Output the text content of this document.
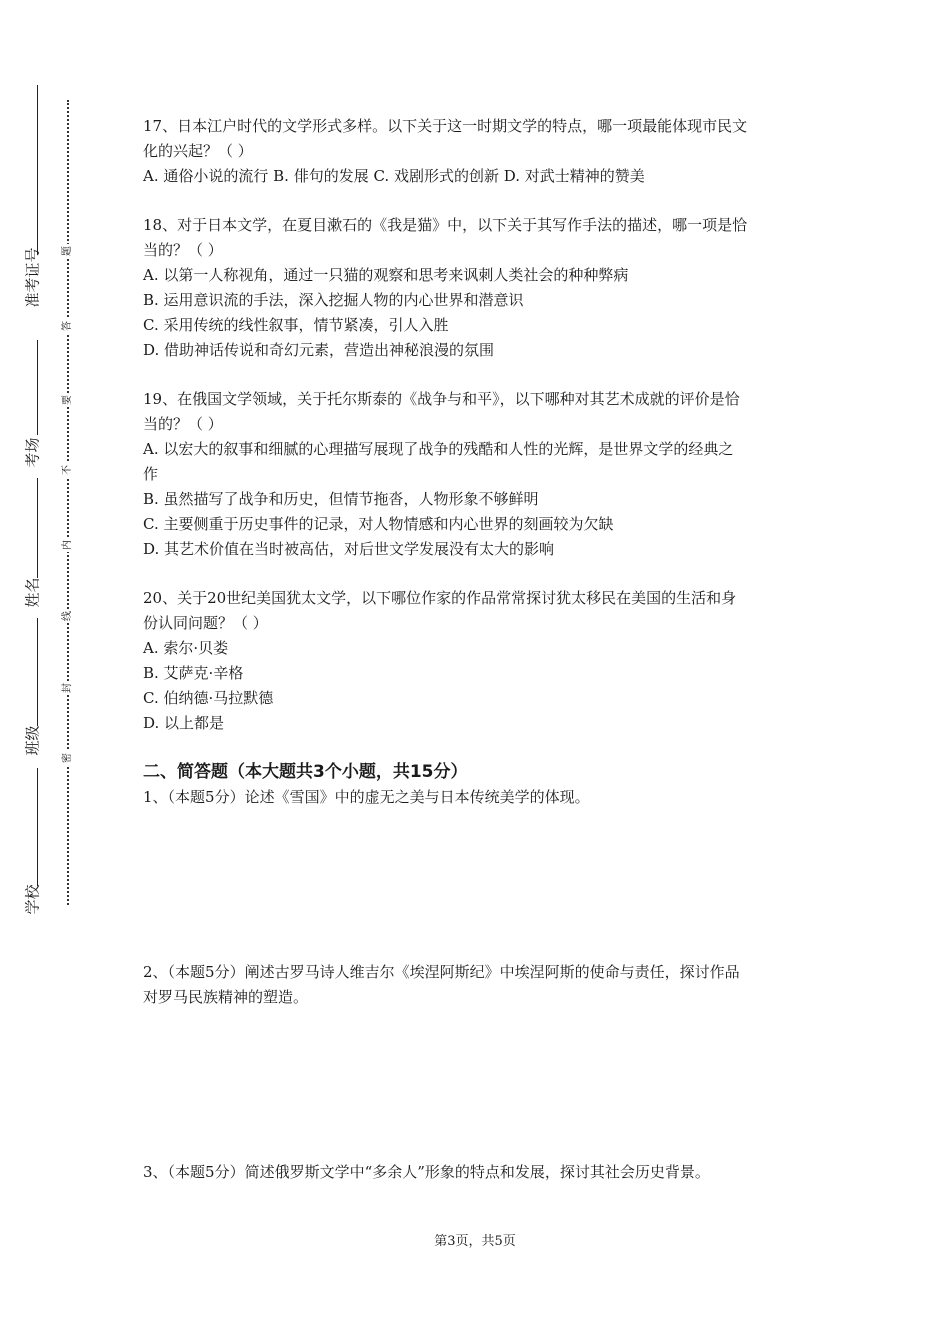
准考证号
考场
姓名
班级
学校
题
答
要
不
内
线
封
密

17、日本江户时代的文学形式多样。以下关于这一时期文学的特点，哪一项最能体现市民文

化的兴起？（ ）

A. 通俗小说的流行 B. 俳句的发展 C. 戏剧形式的创新 D. 对武士精神的赞美

18、对于日本文学，在夏目漱石的《我是猫》中，以下关于其写作手法的描述，哪一项是恰

当的？（ ）

A. 以第一人称视角，通过一只猫的观察和思考来讽刺人类社会的种种弊病

B. 运用意识流的手法，深入挖掘人物的内心世界和潜意识

C. 采用传统的线性叙事，情节紧凑，引人入胜

D. 借助神话传说和奇幻元素，营造出神秘浪漫的氛围

19、在俄国文学领域，关于托尔斯泰的《战争与和平》，以下哪种对其艺术成就的评价是恰

当的？（ ）

A. 以宏大的叙事和细腻的心理描写展现了战争的残酷和人性的光辉，是世界文学的经典之

作

B. 虽然描写了战争和历史，但情节拖沓，人物形象不够鲜明

C. 主要侧重于历史事件的记录，对人物情感和内心世界的刻画较为欠缺

D. 其艺术价值在当时被高估，对后世文学发展没有太大的影响

20、关于20世纪美国犹太文学，以下哪位作家的作品常常探讨犹太移民在美国的生活和身

份认同问题？（ ）

A. 索尔·贝娄

B. 艾萨克·辛格

C. 伯纳德·马拉默德

D. 以上都是

二、简答题（本大题共3个小题，共15分）

1、（本题5分）论述《雪国》中的虚无之美与日本传统美学的体现。

2、（本题5分）阐述古罗马诗人维吉尔《埃涅阿斯纪》中埃涅阿斯的使命与责任，探讨作品

对罗马民族精神的塑造。

3、（本题5分）简述俄罗斯文学中“多余人”形象的特点和发展，探讨其社会历史背景。

第3页，共5页
